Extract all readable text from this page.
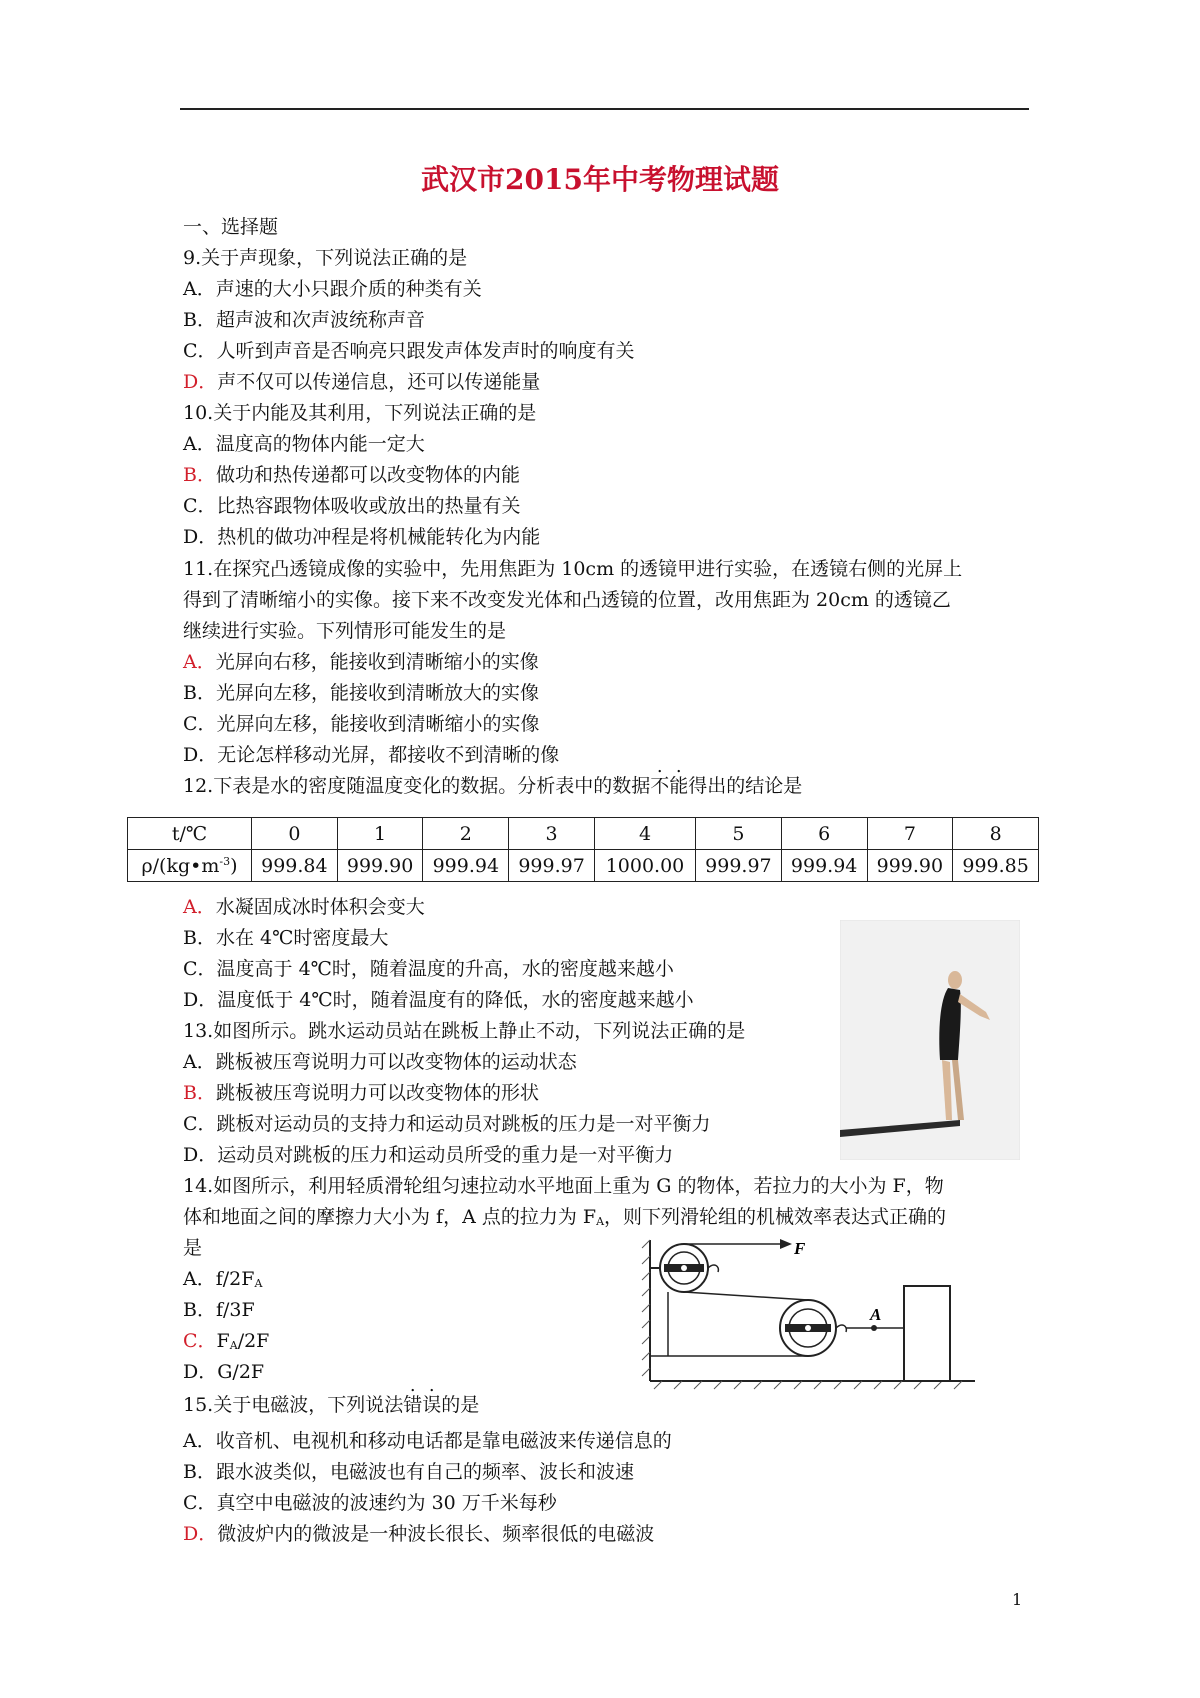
武汉市2015年中考物理试题
一、选择题
9.关于声现象，下列说法正确的是
A．声速的大小只跟介质的种类有关
B．超声波和次声波统称声音
C．人听到声音是否响亮只跟发声体发声时的响度有关
D．声不仅可以传递信息，还可以传递能量
10.关于内能及其利用，下列说法正确的是
A．温度高的物体内能一定大
B．做功和热传递都可以改变物体的内能
C．比热容跟物体吸收或放出的热量有关
D．热机的做功冲程是将机械能转化为内能
11.在探究凸透镜成像的实验中，先用焦距为 10cm 的透镜甲进行实验，在透镜右侧的光屏上
得到了清晰缩小的实像。接下来不改变发光体和凸透镜的位置，改用焦距为 20cm 的透镜乙
继续进行实验。下列情形可能发生的是
A．光屏向右移，能接收到清晰缩小的实像
B．光屏向左移，能接收到清晰放大的实像
C．光屏向左移，能接收到清晰缩小的实像
D．无论怎样移动光屏，都接收不到清晰的像
12.下表是水的密度随温度变化的数据。分析表中的数据不能得出的结论是
t/℃	0	1	2	3	4	5	6	7	8
$\rho/(kg•m^{-3})$	999.84	999.90	999.94	999.97	1000.00	999.97	999.94	999.90	999.85
A．水凝固成冰时体积会变大
B．水在 4℃时密度最大
C．温度高于 4℃时，随着温度的升高，水的密度越来越小
D．温度低于 4℃时，随着温度有的降低，水的密度越来越小
13.如图所示。跳水运动员站在跳板上静止不动，下列说法正确的是
A．跳板被压弯说明力可以改变物体的运动状态
B．跳板被压弯说明力可以改变物体的形状
C．跳板对运动员的支持力和运动员对跳板的压力是一对平衡力
D．运动员对跳板的压力和运动员所受的重力是一对平衡力
14.如图所示，利用轻质滑轮组匀速拉动水平地面上重为 G 的物体，若拉力的大小为 F，物
体和地面之间的摩擦力大小为 f，A 点的拉力为 FA，则下列滑轮组的机械效率表达式正确的
是
A．f/2FA
B．f/3F
C．FA/2F
D．G/2F
F
A
15.关于电磁波，下列说法错误的是
A．收音机、电视机和移动电话都是靠电磁波来传递信息的
B．跟水波类似，电磁波也有自己的频率、波长和波速
C．真空中电磁波的波速约为 30 万千米每秒
D．微波炉内的微波是一种波长很长、频率很低的电磁波
1
